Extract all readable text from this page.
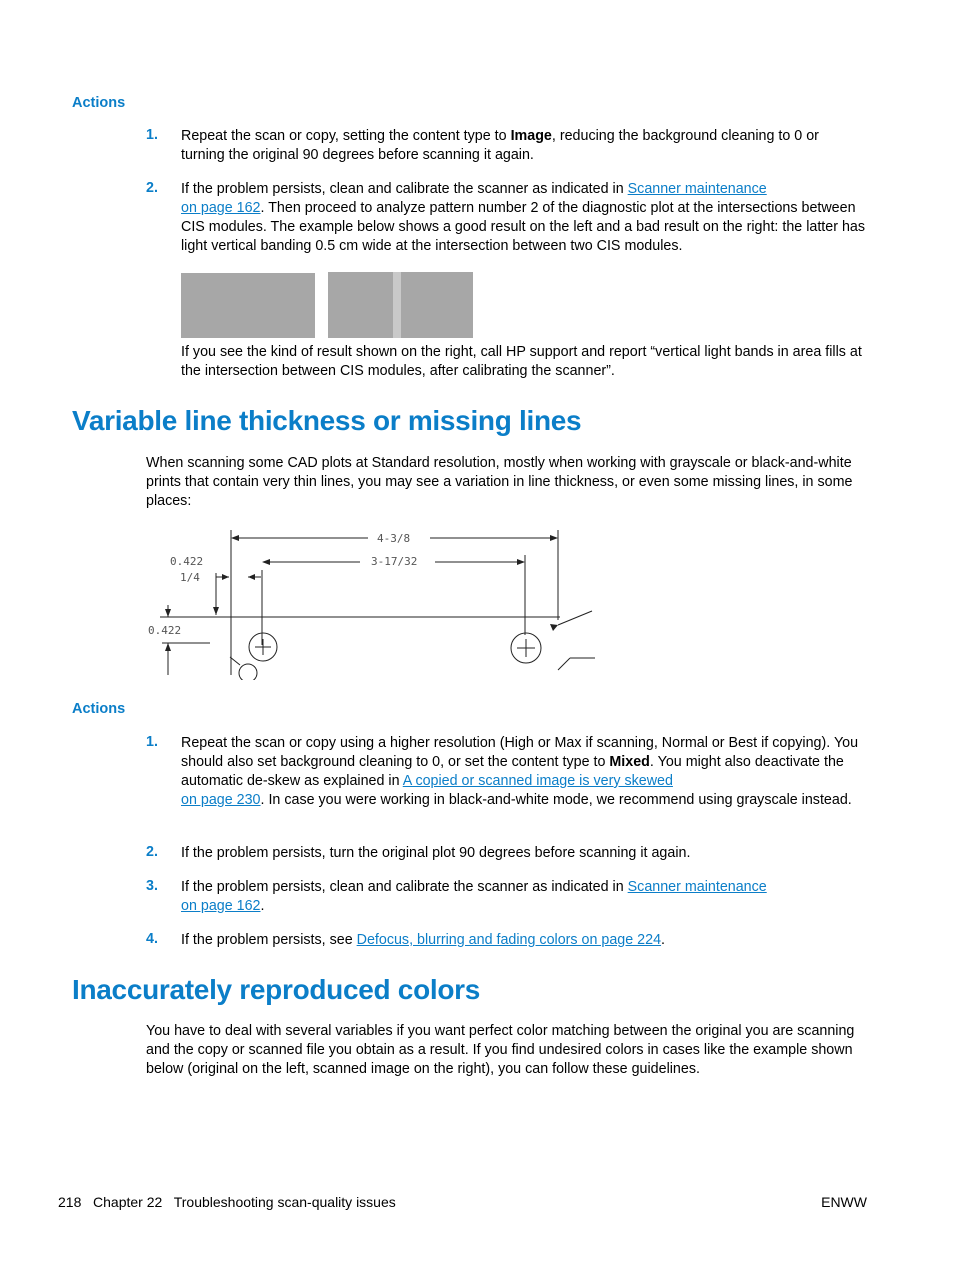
Actions
1. Repeat the scan or copy, setting the content type to Image, reducing the background cleaning to 0 or turning the original 90 degrees before scanning it again.
2. If the problem persists, clean and calibrate the scanner as indicated in Scanner maintenance
on page 162. Then proceed to analyze pattern number 2 of the diagnostic plot at the intersections between CIS modules. The example below shows a good result on the left and a bad result on the right: the latter has light vertical banding 0.5 cm wide at the intersection between two CIS modules.
If you see the kind of result shown on the right, call HP support and report “vertical light bands in area fills at the intersection between CIS modules, after calibrating the scanner”.
Variable line thickness or missing lines
When scanning some CAD plots at Standard resolution, mostly when working with grayscale or black-and-white prints that contain very thin lines, you may see a variation in line thickness, or even some missing lines, in some places:
4-3/8
3-17/32
0.422
1/4
0.422
Actions
1. Repeat the scan or copy using a higher resolution (High or Max if scanning, Normal or Best if copying). You should also set background cleaning to 0, or set the content type to Mixed. You might also deactivate the automatic de-skew as explained in A copied or scanned image is very skewed
on page 230. In case you were working in black-and-white mode, we recommend using grayscale instead.
2. If the problem persists, turn the original plot 90 degrees before scanning it again.
3. If the problem persists, clean and calibrate the scanner as indicated in Scanner maintenance
on page 162.
4. If the problem persists, see Defocus, blurring and fading colors on page 224.
Inaccurately reproduced colors
You have to deal with several variables if you want perfect color matching between the original you are scanning and the copy or scanned file you obtain as a result. If you find undesired colors in cases like the example shown below (original on the left, scanned image on the right), you can follow these guidelines.
218   Chapter 22   Troubleshooting scan-quality issues	ENWW
